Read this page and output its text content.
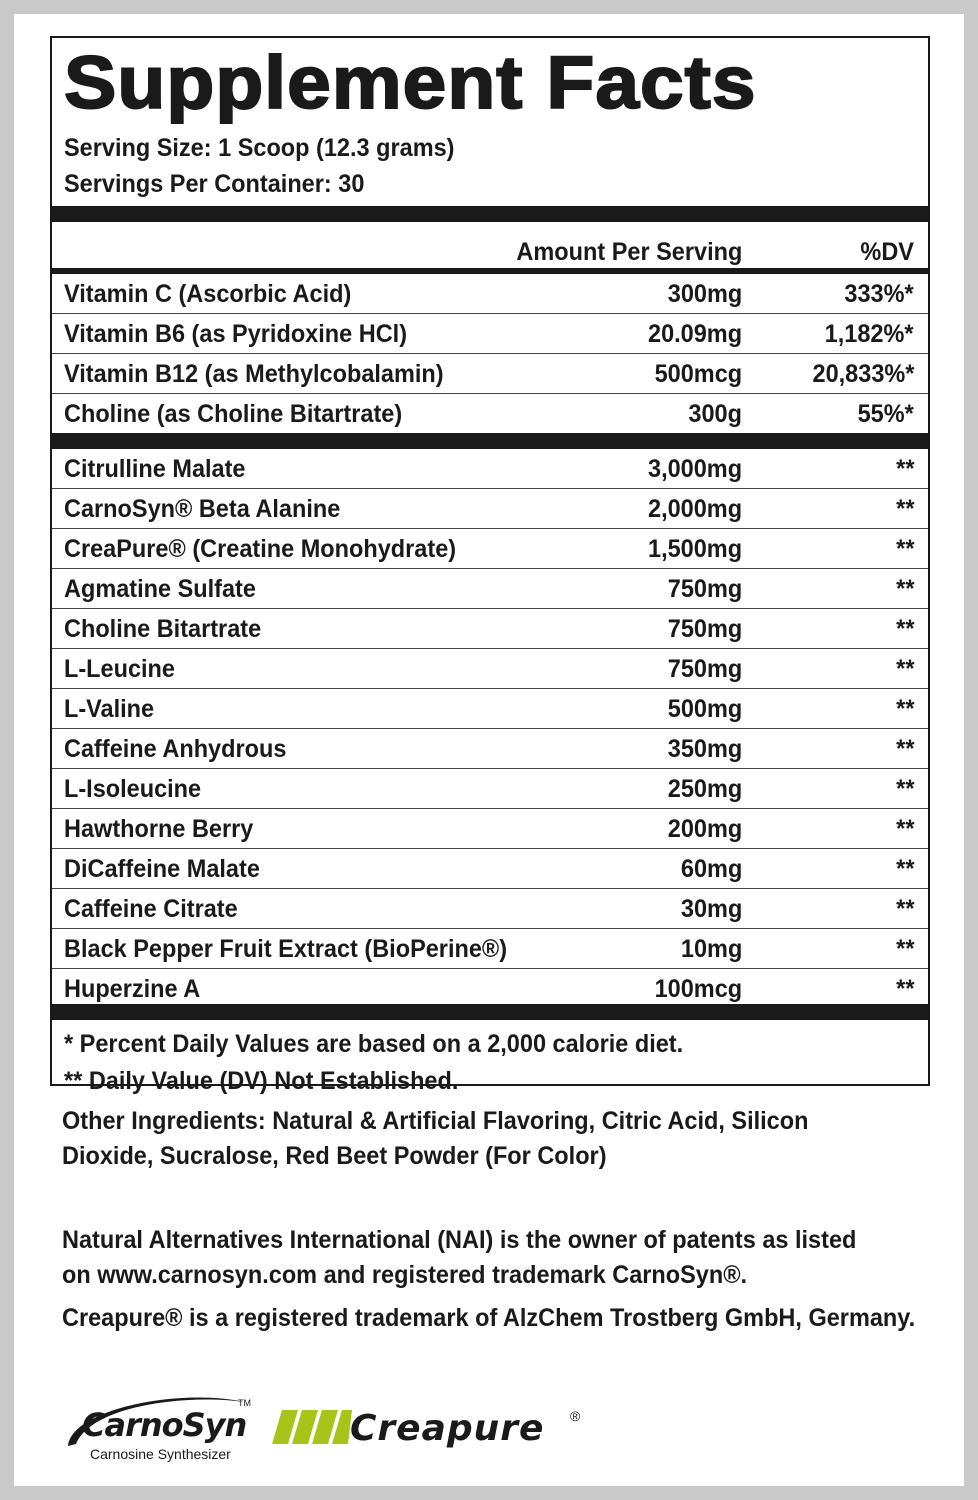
Supplement Facts
Serving Size: 1 Scoop (12.3 grams)
Servings Per Container: 30
Amount Per Serving	%DV
Vitamin C (Ascorbic Acid)	300mg	333%*
Vitamin B6 (as Pyridoxine HCl)	20.09mg	1,182%*
Vitamin B12 (as Methylcobalamin)	500mcg	20,833%*
Choline (as Choline Bitartrate)	300g	55%*
Citrulline Malate	3,000mg	**
CarnoSyn® Beta Alanine	2,000mg	**
CreaPure® (Creatine Monohydrate)	1,500mg	**
Agmatine Sulfate	750mg	**
Choline Bitartrate	750mg	**
L-Leucine	750mg	**
L-Valine	500mg	**
Caffeine Anhydrous	350mg	**
L-Isoleucine	250mg	**
Hawthorne Berry	200mg	**
DiCaffeine Malate	60mg	**
Caffeine Citrate	30mg	**
Black Pepper Fruit Extract (BioPerine®)	10mg	**
Huperzine A	100mcg	**
* Percent Daily Values are based on a 2,000 calorie diet.
** Daily Value (DV) Not Established.
Other Ingredients: Natural & Artificial Flavoring, Citric Acid, Silicon Dioxide, Sucralose, Red Beet Powder (For Color)
Natural Alternatives International (NAI) is the owner of patents as listed on www.carnosyn.com and registered trademark CarnoSyn®.
Creapure® is a registered trademark of AlzChem Trostberg GmbH, Germany.
CarnoSyn
TM
Carnosine Synthesizer
Creapure ®
